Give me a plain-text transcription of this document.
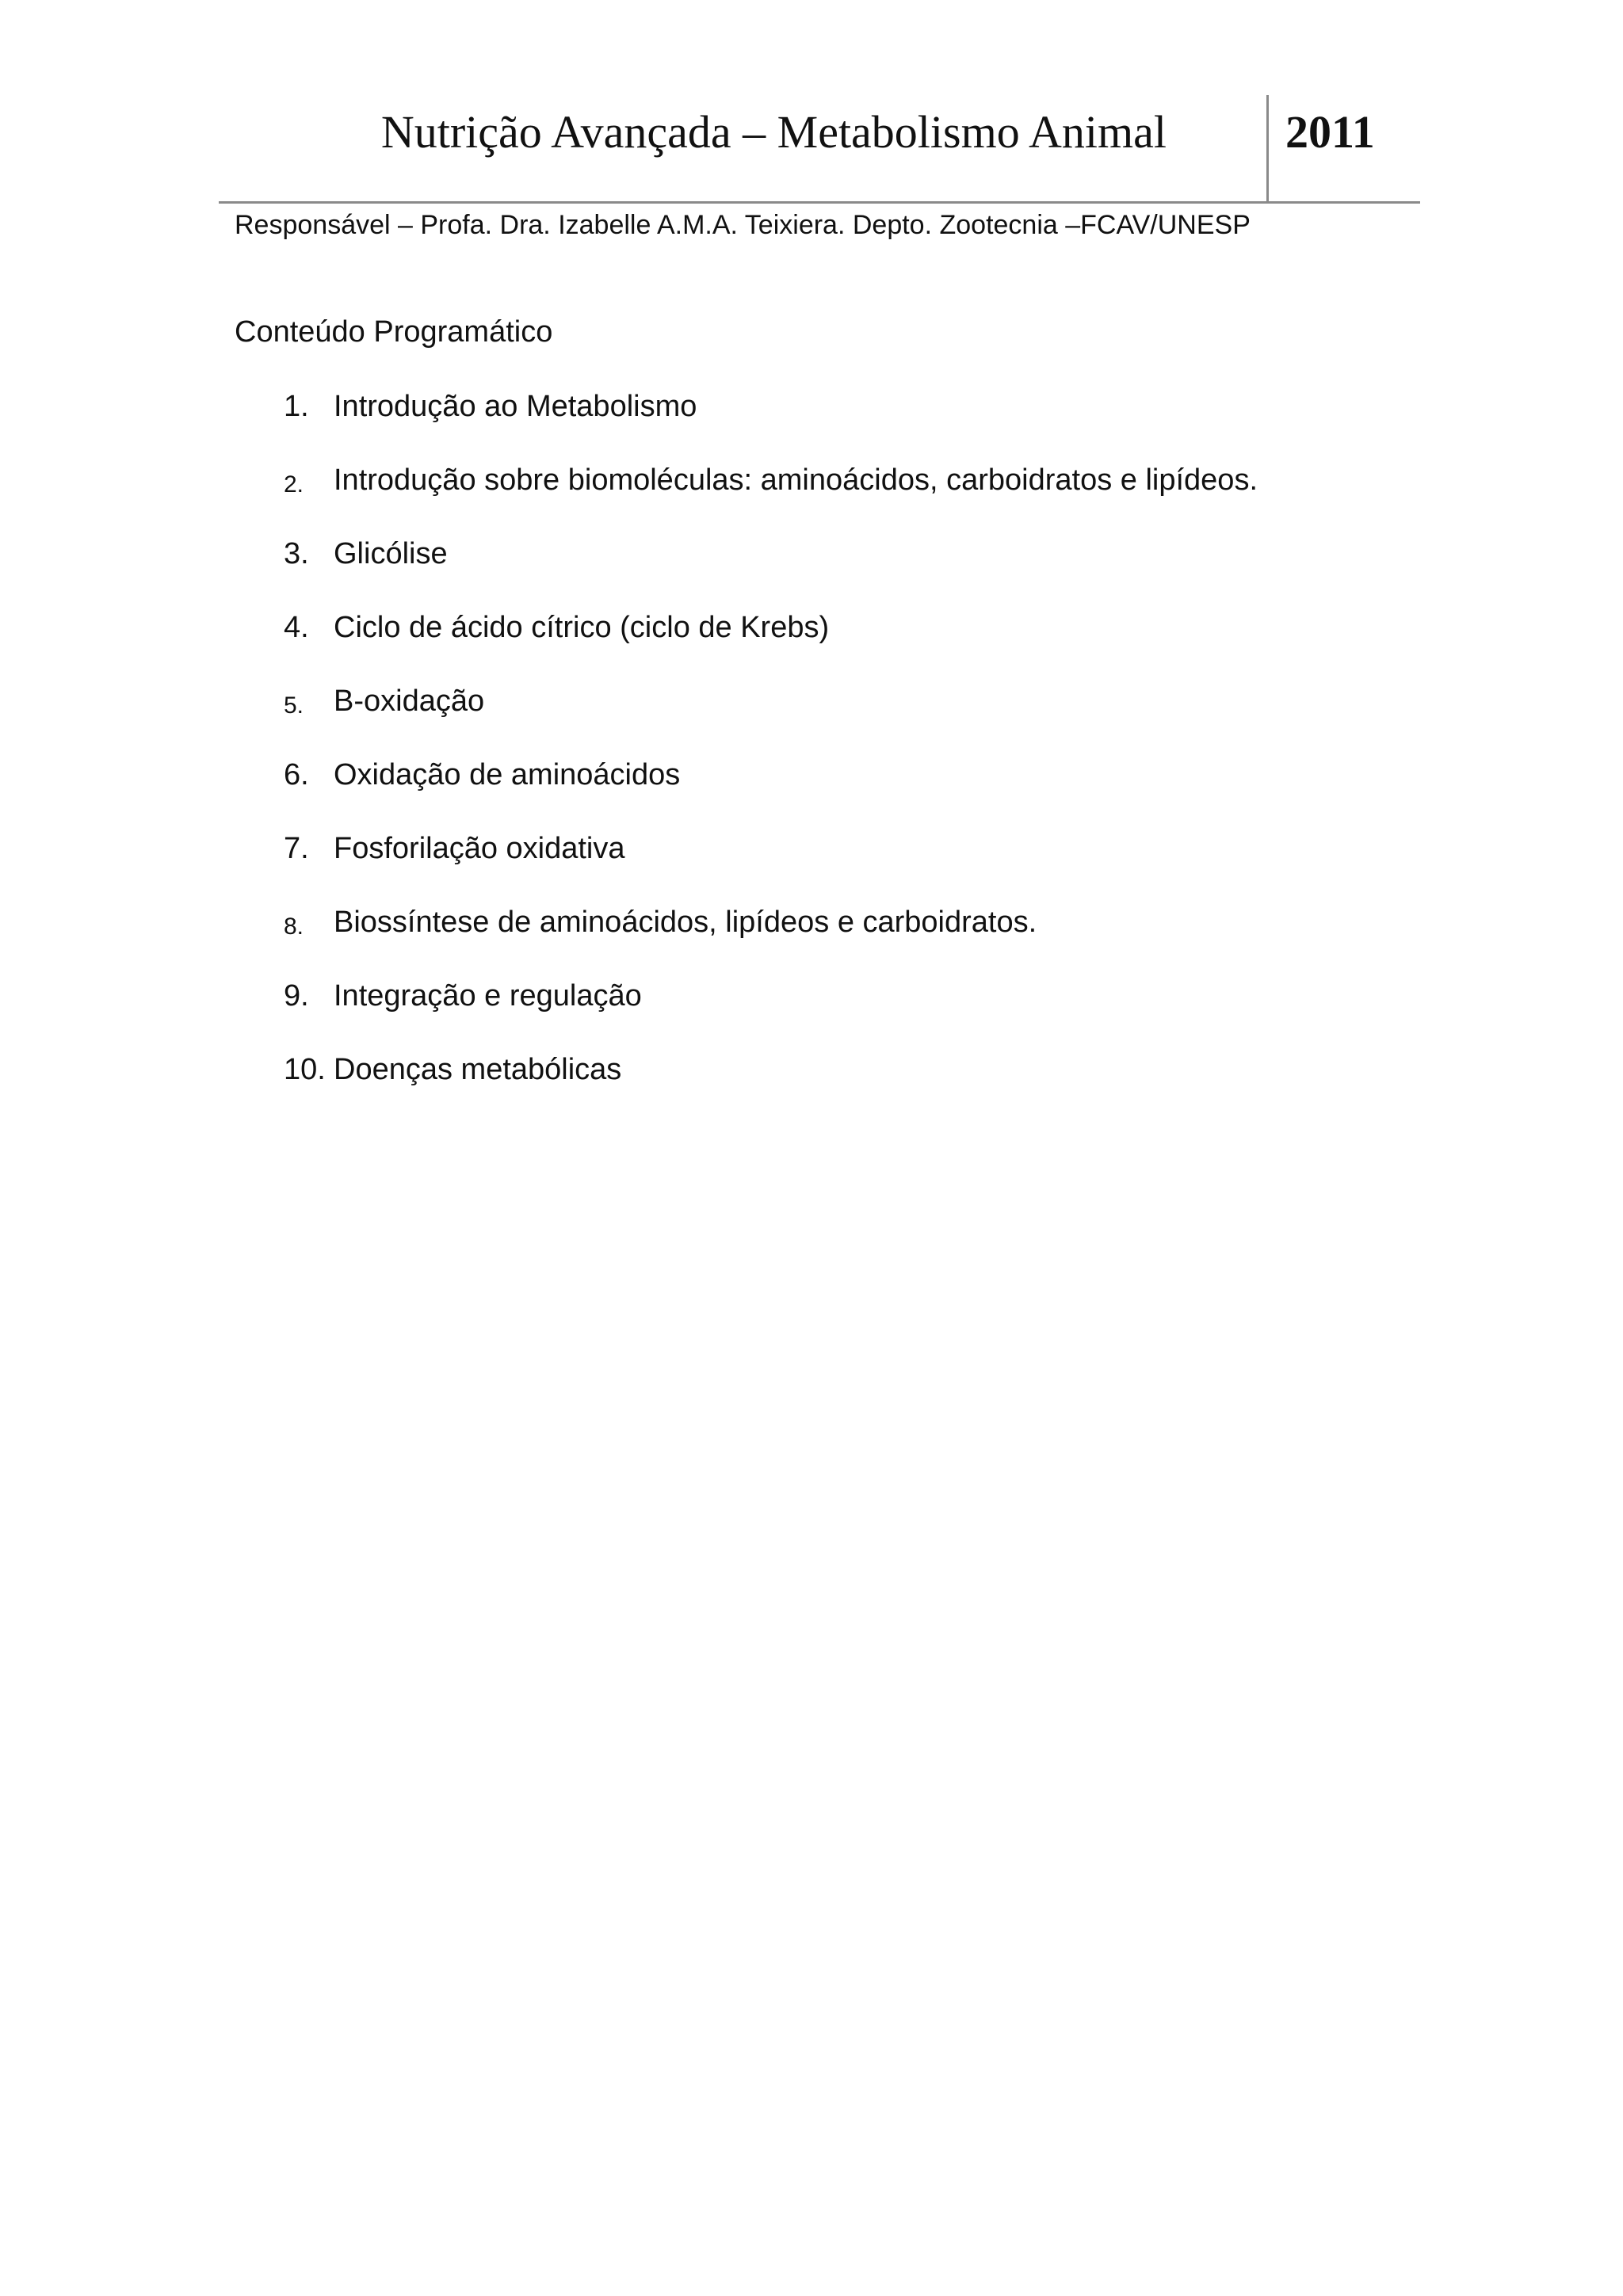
Nutrição Avançada – Metabolismo Animal	2011
Responsável – Profa. Dra. Izabelle A.M.A. Teixiera. Depto. Zootecnia –FCAV/UNESP
Conteúdo Programático
1. Introdução ao Metabolismo
2. Introdução sobre biomoléculas: aminoácidos, carboidratos e lipídeos.
3. Glicólise
4. Ciclo de ácido cítrico (ciclo de Krebs)
5. B-oxidação
6. Oxidação de aminoácidos
7. Fosforilação oxidativa
8. Biossíntese de aminoácidos, lipídeos e carboidratos.
9. Integração e regulação
10. Doenças metabólicas
